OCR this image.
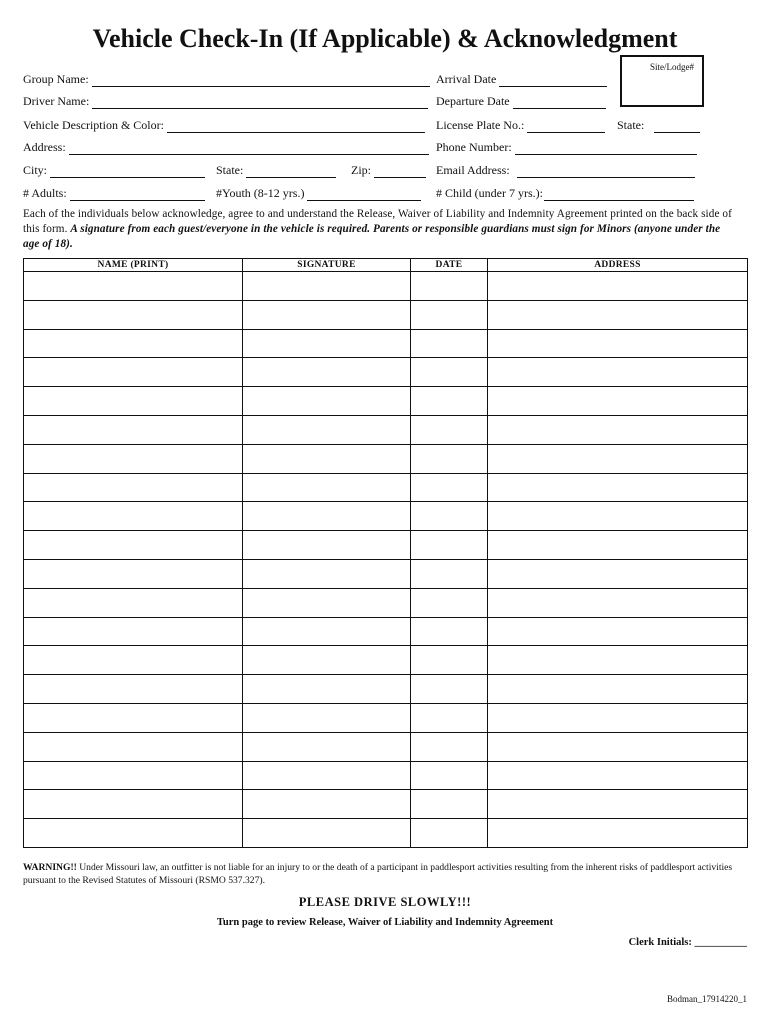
Vehicle Check-In (If Applicable) & Acknowledgment
Site/Lodge#
Group Name:	Arrival Date
Driver Name:	Departure Date
Vehicle Description & Color:	License Plate No.:	State:
Address:	Phone Number:
City:	State:	Zip:	Email Address:
# Adults:	#Youth (8-12 yrs.)	# Child (under 7 yrs.):
Each of the individuals below acknowledge, agree to and understand the Release, Waiver of Liability and Indemnity Agreement printed on the back side of this form. A signature from each guest/everyone in the vehicle is required. Parents or responsible guardians must sign for Minors (anyone under the age of 18).
NAME (PRINT)	SIGNATURE	DATE	ADDRESS

WARNING!! Under Missouri law, an outfitter is not liable for an injury to or the death of a participant in paddlesport activities resulting from the inherent risks of paddlesport activities pursuant to the Revised Statutes of Missouri (RSMO 537.327).
PLEASE DRIVE SLOWLY!!!
Turn page to review Release, Waiver of Liability and Indemnity Agreement
Clerk Initials: __________
Bodman_17914220_1
